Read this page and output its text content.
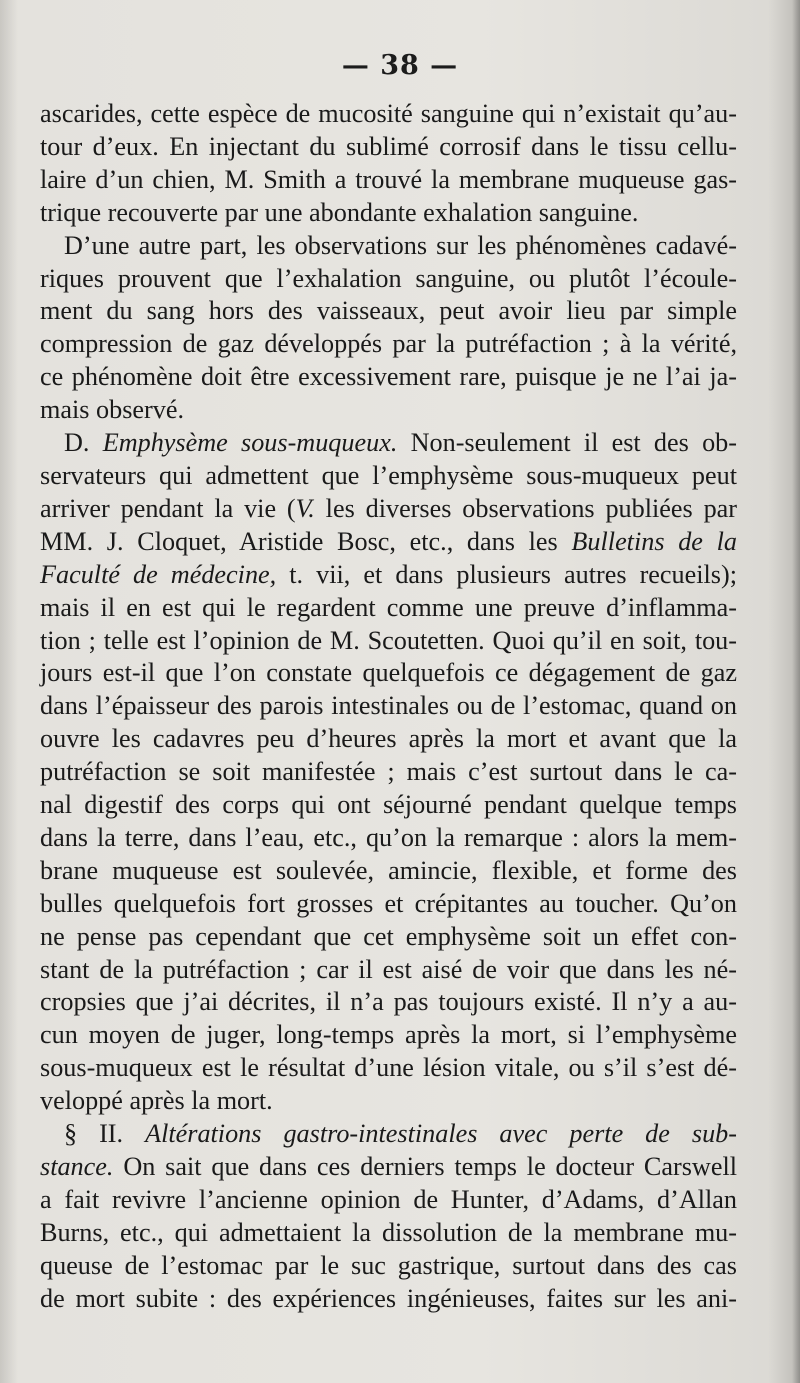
— 38 —
ascarides, cette espèce de mucosité sanguine qui n’existait qu’au-
tour d’eux. En injectant du sublimé corrosif dans le tissu cellu-
laire d’un chien, M. Smith a trouvé la membrane muqueuse gas-
trique recouverte par une abondante exhalation sanguine.
D’une autre part, les observations sur les phénomènes cadavé-
riques prouvent que l’exhalation sanguine, ou plutôt l’écoule-
ment du sang hors des vaisseaux, peut avoir lieu par simple
compression de gaz développés par la putréfaction ; à la vérité,
ce phénomène doit être excessivement rare, puisque je ne l’ai ja-
mais observé.
D. Emphysème sous-muqueux. Non-seulement il est des ob-
servateurs qui admettent que l’emphysème sous-muqueux peut
arriver pendant la vie (V. les diverses observations publiées par
MM. J. Cloquet, Aristide Bosc, etc., dans les Bulletins de la
Faculté de médecine, t. vii, et dans plusieurs autres recueils);
mais il en est qui le regardent comme une preuve d’inflamma-
tion ; telle est l’opinion de M. Scoutetten. Quoi qu’il en soit, tou-
jours est-il que l’on constate quelquefois ce dégagement de gaz
dans l’épaisseur des parois intestinales ou de l’estomac, quand on
ouvre les cadavres peu d’heures après la mort et avant que la
putréfaction se soit manifestée ; mais c’est surtout dans le ca-
nal digestif des corps qui ont séjourné pendant quelque temps
dans la terre, dans l’eau, etc., qu’on la remarque : alors la mem-
brane muqueuse est soulevée, amincie, flexible, et forme des
bulles quelquefois fort grosses et crépitantes au toucher. Qu’on
ne pense pas cependant que cet emphysème soit un effet con-
stant de la putréfaction ; car il est aisé de voir que dans les né-
cropsies que j’ai décrites, il n’a pas toujours existé. Il n’y a au-
cun moyen de juger, long-temps après la mort, si l’emphysème
sous-muqueux est le résultat d’une lésion vitale, ou s’il s’est dé-
veloppé après la mort.
§ II. Altérations gastro-intestinales avec perte de sub-
stance. On sait que dans ces derniers temps le docteur Carswell
a fait revivre l’ancienne opinion de Hunter, d’Adams, d’Allan
Burns, etc., qui admettaient la dissolution de la membrane mu-
queuse de l’estomac par le suc gastrique, surtout dans des cas
de mort subite : des expériences ingénieuses, faites sur les ani-
